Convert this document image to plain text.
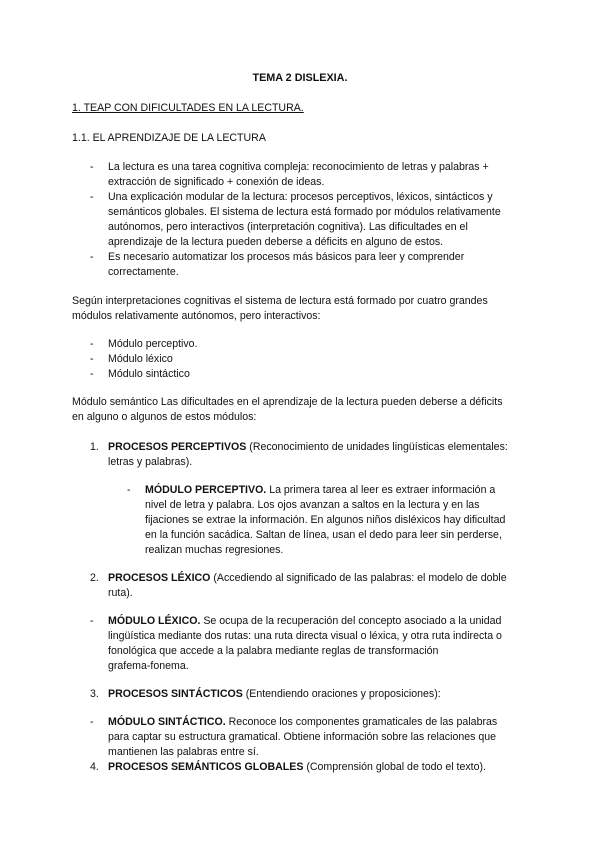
TEMA 2 DISLEXIA.
1. TEAP CON DIFICULTADES EN LA LECTURA.
1.1. EL APRENDIZAJE DE LA LECTURA
-	La lectura es una tarea cognitiva compleja: reconocimiento de letras y palabras +
extracción de significado + conexión de ideas.
-	Una explicación modular de la lectura: procesos perceptivos, léxicos, sintácticos y
semánticos globales. El sistema de lectura está formado por módulos relativamente
autónomos, pero interactivos (interpretación cognitiva). Las dificultades en el
aprendizaje de la lectura pueden deberse a déficits en alguno de estos.
-	Es necesario automatizar los procesos más básicos para leer y comprender
correctamente.
Según interpretaciones cognitivas el sistema de lectura está formado por cuatro grandes
módulos relativamente autónomos, pero interactivos:
-	Módulo perceptivo.
-	Módulo léxico
-	Módulo sintáctico
Módulo semántico Las dificultades en el aprendizaje de la lectura pueden deberse a déficits
en alguno o algunos de estos módulos:
1. PROCESOS PERCEPTIVOS (Reconocimiento de unidades lingüísticas elementales:
letras y palabras).
-	MÓDULO PERCEPTIVO. La primera tarea al leer es extraer información a
nivel de letra y palabra. Los ojos avanzan a saltos en la lectura y en las
fijaciones se extrae la información. En algunos niños disléxicos hay dificultad
en la función sacádica. Saltan de línea, usan el dedo para leer sin perderse,
realizan muchas regresiones.
2. PROCESOS LÉXICO (Accediendo al significado de las palabras: el modelo de doble
ruta).
-	MÓDULO LÉXICO. Se ocupa de la recuperación del concepto asociado a la unidad
lingüística mediante dos rutas: una ruta directa visual o léxica, y otra ruta indirecta o
fonológica que accede a la palabra mediante reglas de transformación
grafema-fonema.
3. PROCESOS SINTÁCTICOS (Entendiendo oraciones y proposiciones):
-	MÓDULO SINTÁCTICO. Reconoce los componentes gramaticales de las palabras
para captar su estructura gramatical. Obtiene información sobre las relaciones que
mantienen las palabras entre sí.
4. PROCESOS SEMÁNTICOS GLOBALES (Comprensión global de todo el texto).
